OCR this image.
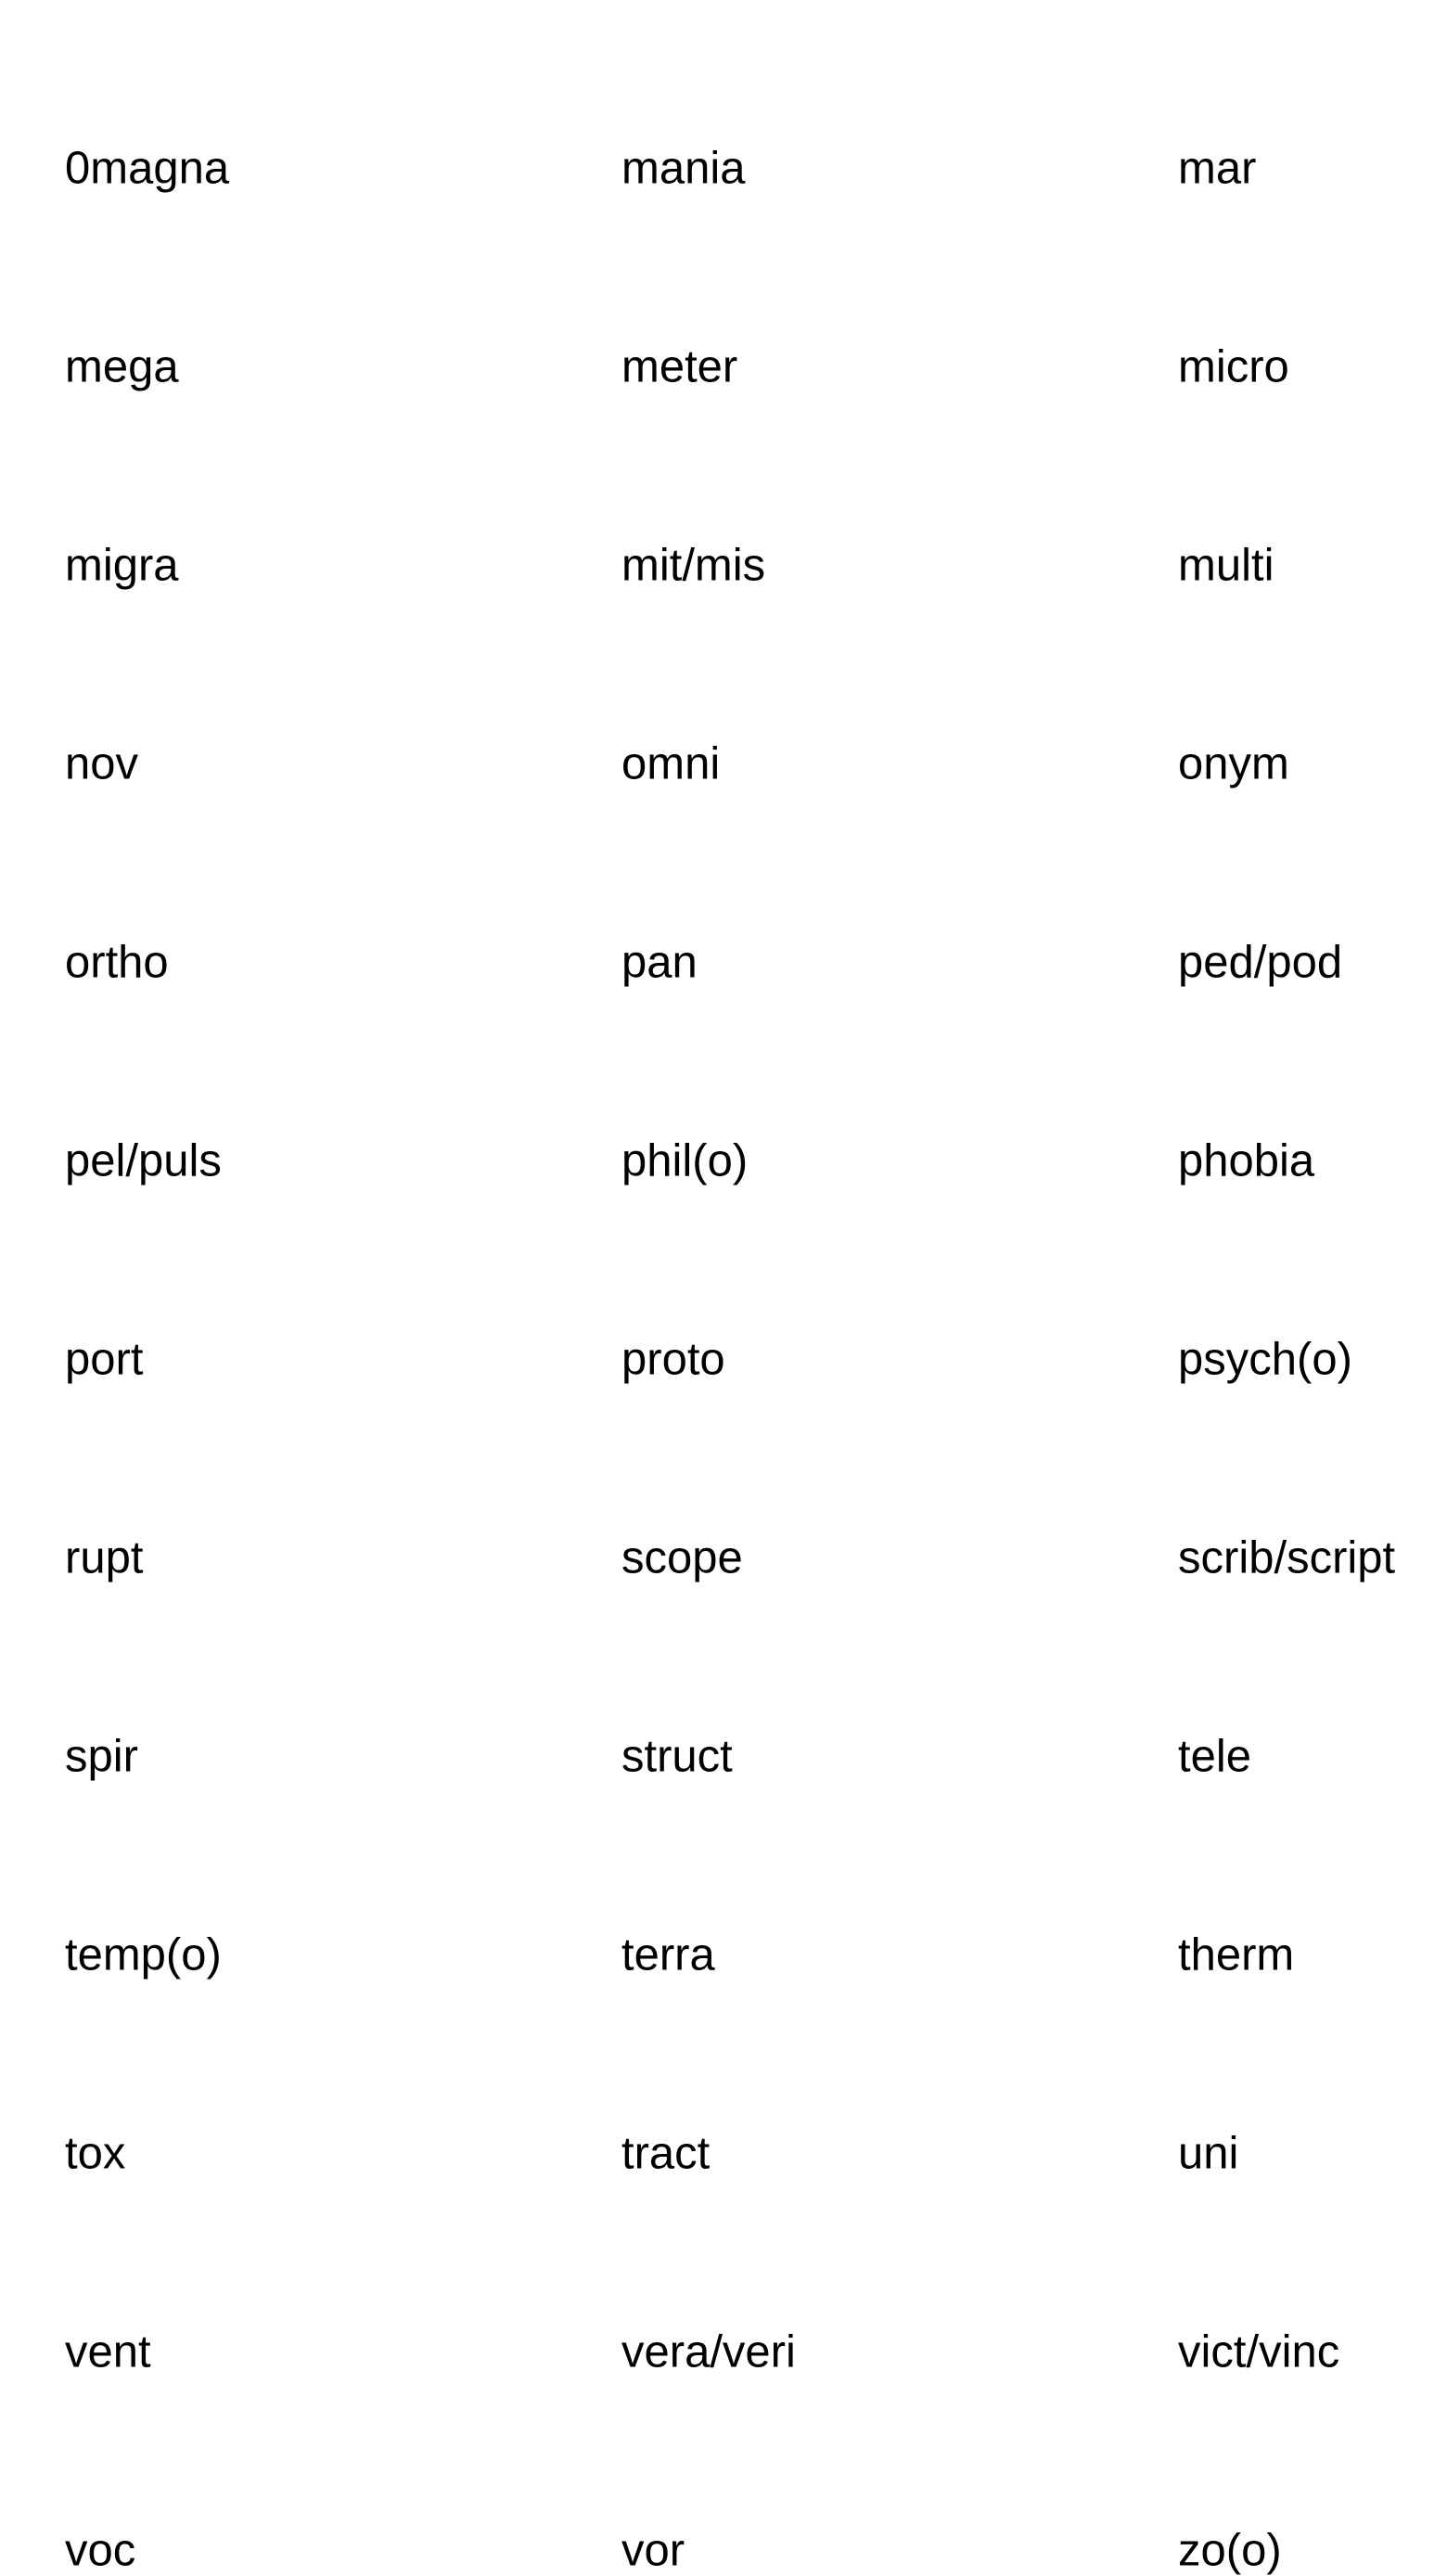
0magna	mania	mar
mega	meter	micro
migra	mit/mis	multi
nov	omni	onym
ortho	pan	ped/pod
pel/puls	phil(o)	phobia
port	proto	psych(o)
rupt	scope	scrib/script
spir	struct	tele
temp(o)	terra	therm
tox	tract	uni
vent	vera/veri	vict/vinc
voc	vor	zo(o)
